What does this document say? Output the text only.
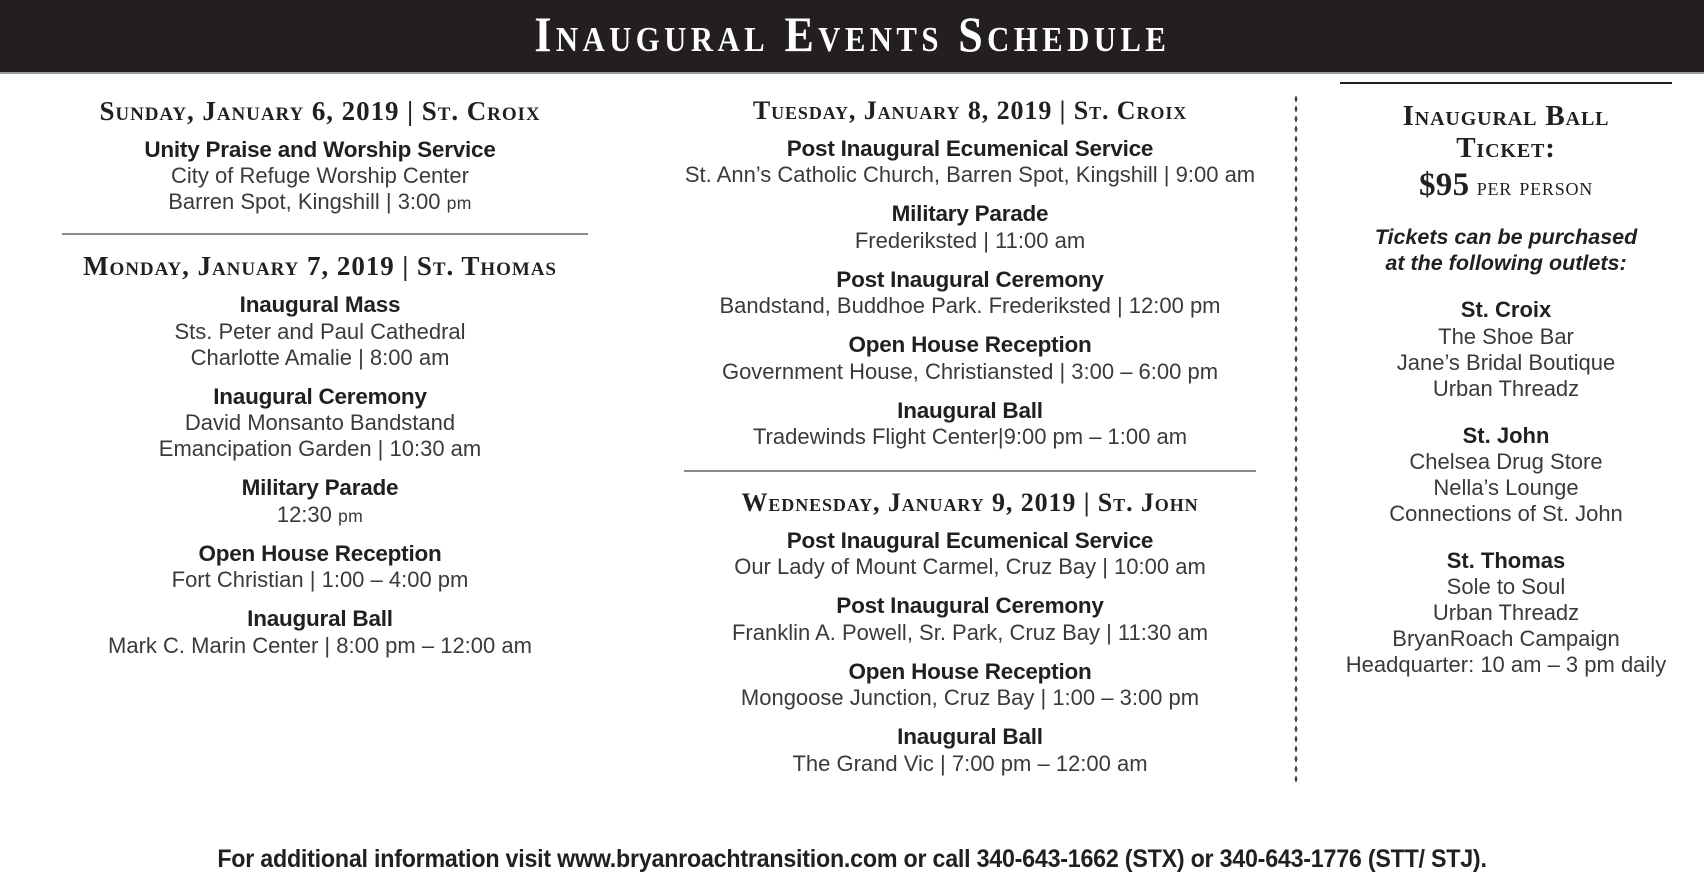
Inaugural Events Schedule
Sunday, January 6, 2019 | St. Croix
Unity Praise and Worship Service
City of Refuge Worship Center
Barren Spot, Kingshill | 3:00 pm
Monday, January 7, 2019 | St. Thomas
Inaugural Mass
Sts. Peter and Paul Cathedral
Charlotte Amalie | 8:00 am
Inaugural Ceremony
David Monsanto Bandstand
Emancipation Garden | 10:30 am
Military Parade
12:30 pm
Open House Reception
Fort Christian | 1:00 – 4:00 pm
Inaugural Ball
Mark C. Marin Center | 8:00 pm – 12:00 am
Tuesday, January 8, 2019 | St. Croix
Post Inaugural Ecumenical Service
St. Ann’s Catholic Church, Barren Spot, Kingshill | 9:00 am
Military Parade
Frederiksted | 11:00 am
Post Inaugural Ceremony
Bandstand, Buddhoe Park. Frederiksted | 12:00 pm
Open House Reception
Government House, Christiansted | 3:00 – 6:00 pm
Inaugural Ball
Tradewinds Flight Center|9:00 pm – 1:00 am
Wednesday, January 9, 2019 | St. John
Post Inaugural Ecumenical Service
Our Lady of Mount Carmel, Cruz Bay | 10:00 am
Post Inaugural Ceremony
Franklin A. Powell, Sr. Park, Cruz Bay | 11:30 am
Open House Reception
Mongoose Junction, Cruz Bay | 1:00 – 3:00 pm
Inaugural Ball
The Grand Vic | 7:00 pm – 12:00 am
Inaugural Ball
Ticket:
$95 per person
Tickets can be purchased
at the following outlets:
St. Croix
The Shoe Bar
Jane’s Bridal Boutique
Urban Threadz
St. John
Chelsea Drug Store
Nella’s Lounge
Connections of St. John
St. Thomas
Sole to Soul
Urban Threadz
BryanRoach Campaign
Headquarter: 10 am – 3 pm daily
For additional information visit www.bryanroachtransition.com or call 340-643-1662 (STX) or 340-643-1776 (STT/ STJ).
